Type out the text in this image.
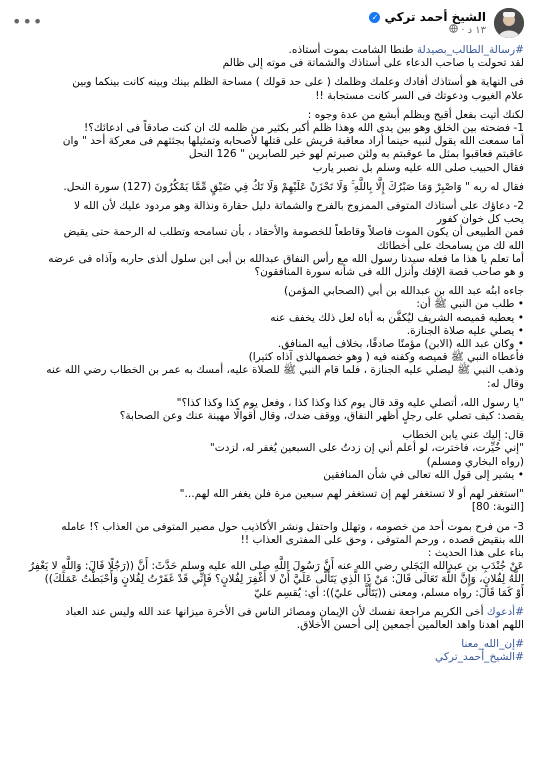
الشيخ أحمد تركي
✓
١٣ د
·
•••

#رسالة_الطالب_بصيدلة طنطا الشامت بموت أستاذه.

لقد تحولت يا صاحب الدعاء على أستاذك والشماتة فى موته إلى ظالم

فى النهاية هو أستاذك أفادك وعلمك وظلمك ( على حد قولك ) مساحة الظلم بينك وبينه كانت بينكما وبين

علام الغيوب ودعوتك فى السر كانت مستجابة !!

لكنك أتيت بفعل أقبح وبظلم أبشع من عدة وجوه :

1- فضحته بين الخلق وهو بين يدى الله وهذا ظلم أكبر بكثير من ظلمه لك ان كنت صادقاً فى ادعائك؟!

أما سمعت الله يقول لنبيه حينما أراد معاقبة قريش على قتلها لأصحابه وتمثيلها بجثثهم فى معركة أحد " وان

عاقبتم فعاقبوا بمثل ما عوقبتم به ولئن صبرتم لهو خير للصابرين " 126 النحل

فقال الحبيب صلى الله عليه وسلم بل نصبر يارب

فقال له ربه " وَاصْبِرْ وَمَا صَبْرُكَ إِلَّا بِاللَّهِ ۚ وَلَا تَحْزَنْ عَلَيْهِمْ وَلَا تَكُ فِي ضَيْقٍ مِّمَّا يَمْكُرُونَ (127) سورة النحل.

2- دعاؤك على أستاذك المتوفى الممزوج بالفرح والشماتة دليل حقارة ونذالة وهو مردود عليك لأن الله لا

يحب كل خوان كفور

فمن الطبيعى أن يكون الموت فاصلاً وقاطعاً للخصومة والأحقاد ، بأن تسامحه وتطلب له الرحمة حتى يقيض

الله لك من يسامحك على أخطائك

أما تعلم يا هذا ما فعله سيدنا رسول الله مع رأس النفاق عبدالله بن أبى ابن سلول ألذى حاربه وآذاه فى عرضه

و هو صاحب قصة الإفك وأنزل الله فى شأنه سورة المنافقون؟

جاءه ابنُه عبد الله بن عبدالله بن أبي (الصحابي المؤمن)

• طلب من النبي ﷺ أن:

• يعطيه قميصه الشريف ليُكفَّن به أباه لعل ذلك يخفف عنه

• يصلي عليه صلاة الجنازة.

• وكان عبد الله (الابن) مؤمنًا صادقًا، بخلاف أبيه المنافق.

فأعطاه النبي ﷺ قميصه وكفنه فيه ( وهو خصمهالذى آذاه كثيرا)

وذهب النبي ﷺ ليصلي عليه الجنازة ، فلما قام النبي ﷺ للصلاة عليه، أمسك به عمر بن الخطاب رضي الله عنه

وقال له:

"يا رسول الله، أتصلي عليه وقد قال يوم كذا وكذا كذا ، وفعل يوم كذا وكذا كذا؟"

يقصد: كيف تصلي على رجلٍ أظهر النفاق، ووقف ضدك، وقال أقوالًا مهينة عنك وعن الصحابة؟

قال: إليك عني يابن الخطاب

"إني خُيِّرت، فاخترت، لو أعلم أني إن زدتُ على السبعين يُغفر له، لزدت"

(رواه البخاري ومسلم)

• يشير إلى قول الله تعالى في شأن المنافقين

"استغفر لهم أو لا تستغفر لهم إن تستغفر لهم سبعين مرة فلن يغفر الله لهم..."

[التوبة: 80]

3- من فرح بموت أحد من خصومه ، وتهلل واحتفل ونشر الأكاذيب حول مصير المتوفى من العذاب ؟! عامله

الله بنقيض قصده ، ورحم المتوفى ، وحق على المفترى العذاب !!

بناء على هذا الحديث :

عَنْ جُنْدَبِ بن عبدالله البَجَلي رضي الله عنه أَنَّ رَسُولَ اللَّهِ صلى الله عليه وسلم حَدَّثَ: أَنَّ ((رَجُلًا قَالَ: وَاللَّهِ لا يَغْفِرُ

اللَّهُ لِفُلانٍ، وَإِنَّ اللَّهَ تَعَالَى قَالَ: مَنْ ذَا الَّذِي يَتَأَلَّى عَلَيَّ أَنْ لا أَغْفِرَ لِفُلانٍ؟ فَإِنِّي قَدْ غَفَرْتُ لِفُلانٍ وَأَحْبَطْتُ عَمَلَكَ))

أَوْ كَمَا قَالَ: رواه مسلم، ومعنى ((يَتَأَلَّى عليّ)): أي: يُقسِم عليّ

#أدعوك أخى الكريم مراجعة نفسك لأن الإيمان ومصائر الناس فى الأخرة ميزانها عند الله وليس عند العباد

اللهم اهدنا واهد العالمين أجمعين إلى أحسن الأخلاق.

#إن_الله_معنا

#الشيخ_أحمد_تركي
